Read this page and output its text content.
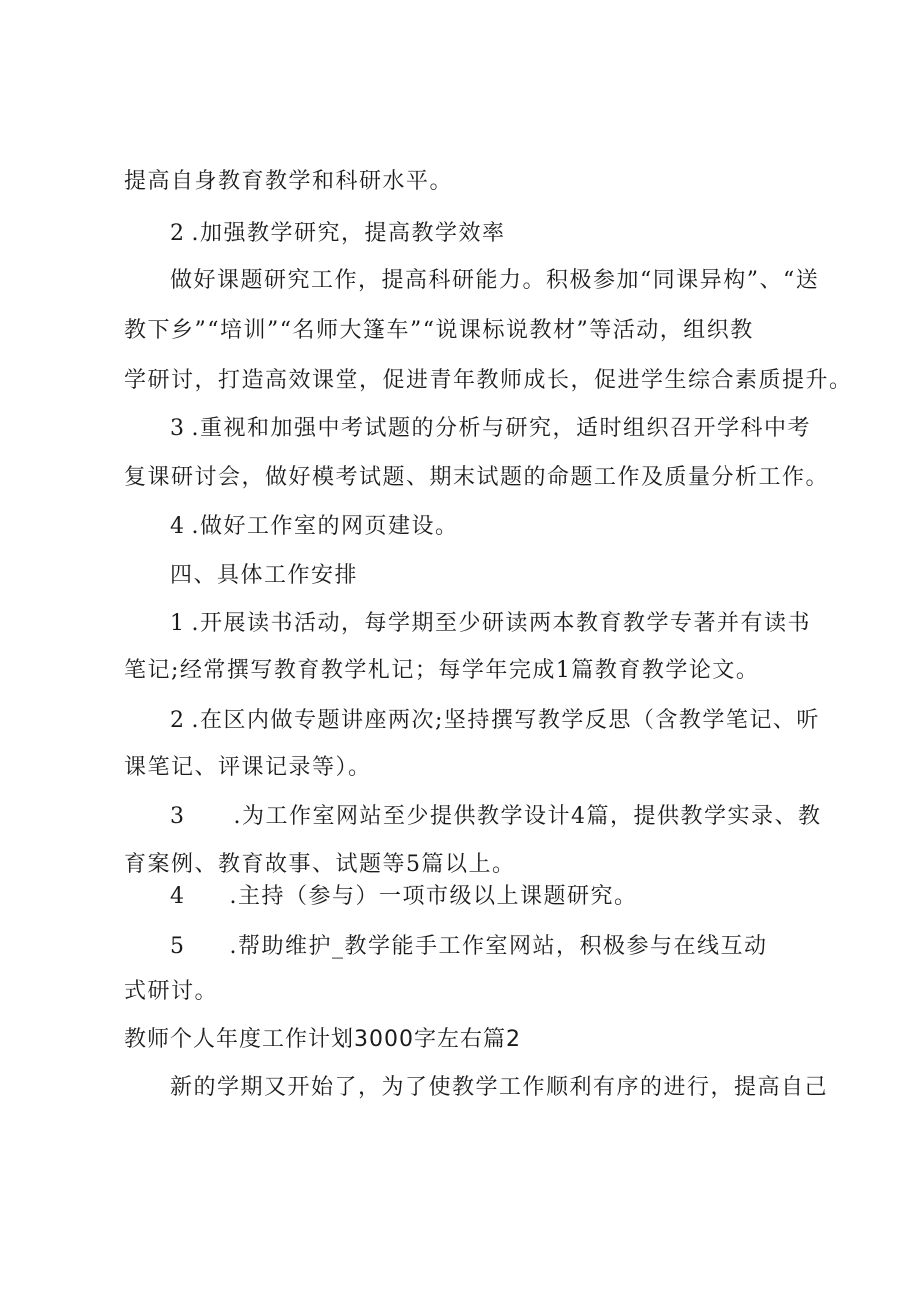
提高自身教育教学和科研水平。
2 .加强教学研究，提高教学效率
做好课题研究工作，提高科研能力。积极参加“同课异构”、“送
教下乡”“培训”“名师大篷车”“说课标说教材”等活动，组织教
学研讨，打造高效课堂，促进青年教师成长，促进学生综合素质提升。
3 .重视和加强中考试题的分析与研究，适时组织召开学科中考
复课研讨会，做好模考试题、期末试题的命题工作及质量分析工作。
4 .做好工作室的网页建设。
四、具体工作安排
1 .开展读书活动，每学期至少研读两本教育教学专著并有读书
笔记;经常撰写教育教学札记；每学年完成1篇教育教学论文。
2 .在区内做专题讲座两次;坚持撰写教学反思（含教学笔记、听
课笔记、评课记录等）。
3 .为工作室网站至少提供教学设计4篇，提供教学实录、教
育案例、教育故事、试题等5篇以上。
4 .主持（参与）一项市级以上课题研究。
5 .帮助维护_教学能手工作室网站，积极参与在线互动
式研讨。
教师个人年度工作计划3000字左右篇2
新的学期又开始了，为了使教学工作顺利有序的进行，提高自己
